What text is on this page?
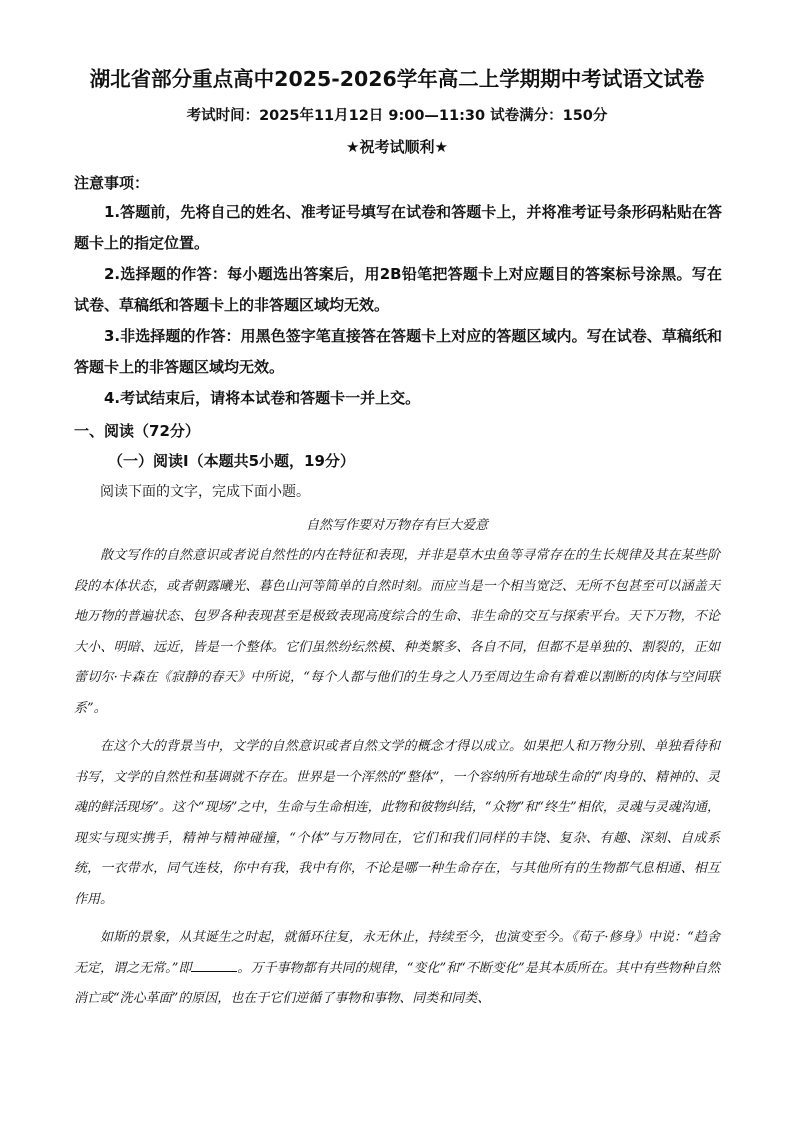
湖北省部分重点高中2025-2026学年高二上学期期中考试语文试卷
考试时间：2025年11月12日 9:00—11:30 试卷满分：150分
★祝考试顺利★
注意事项：
1.答题前，先将自己的姓名、准考证号填写在试卷和答题卡上，并将准考证号条形码粘贴在答题卡上的指定位置。
2.选择题的作答：每小题选出答案后，用2B铅笔把答题卡上对应题目的答案标号涂黑。写在试卷、草稿纸和答题卡上的非答题区域均无效。
3.非选择题的作答：用黑色签字笔直接答在答题卡上对应的答题区域内。写在试卷、草稿纸和答题卡上的非答题区域均无效。
4.考试结束后，请将本试卷和答题卡一并上交。
一、阅读（72分）
（一）阅读Ⅰ（本题共5小题，19分）
阅读下面的文字，完成下面小题。
自然写作要对万物存有巨大爱意

散文写作的自然意识或者说自然性的内在特征和表现，并非是草木虫鱼等寻常存在的生长规律及其在某些阶段的本体状态，或者朝露曦光、暮色山河等简单的自然时刻。而应当是一个相当宽泛、无所不包甚至可以涵盖天地万物的普遍状态、包罗各种表现甚至是极致表现高度综合的生命、非生命的交互与探索平台。天下万物，不论大小、明暗、远近，皆是一个整体。它们虽然纷纭然模、种类繁多、各自不同，但都不是单独的、割裂的，正如蕾切尔·卡森在《寂静的春天》中所说，“每个人都与他们的生身之人乃至周边生命有着难以割断的肉体与空间联系”。

在这个大的背景当中，文学的自然意识或者自然文学的概念才得以成立。如果把人和万物分别、单独看待和书写，文学的自然性和基调就不存在。世界是一个浑然的“整体”，一个容纳所有地球生命的“肉身的、精神的、灵魂的鲜活现场”。这个“现场”之中，生命与生命相连，此物和彼物纠结，“众物”和“终生”相依，灵魂与灵魂沟通，现实与现实携手，精神与精神碰撞，“个体”与万物同在，它们和我们同样的丰饶、复杂、有趣、深刻、自成系统，一衣带水，同气连枝，你中有我，我中有你，不论是哪一种生命存在，与其他所有的生物都气息相通、相互作用。

如斯的景象，从其诞生之时起，就循环往复，永无休止，持续至今，也演变至今。《荀子·修身》中说：“趋舍无定，谓之无常。”即	。万千事物都有共同的规律，“变化”和“不断变化”是其本质所在。其中有些物种自然消亡或“洗心革面”的原因，也在于它们逆循了事物和事物、同类和同类、
